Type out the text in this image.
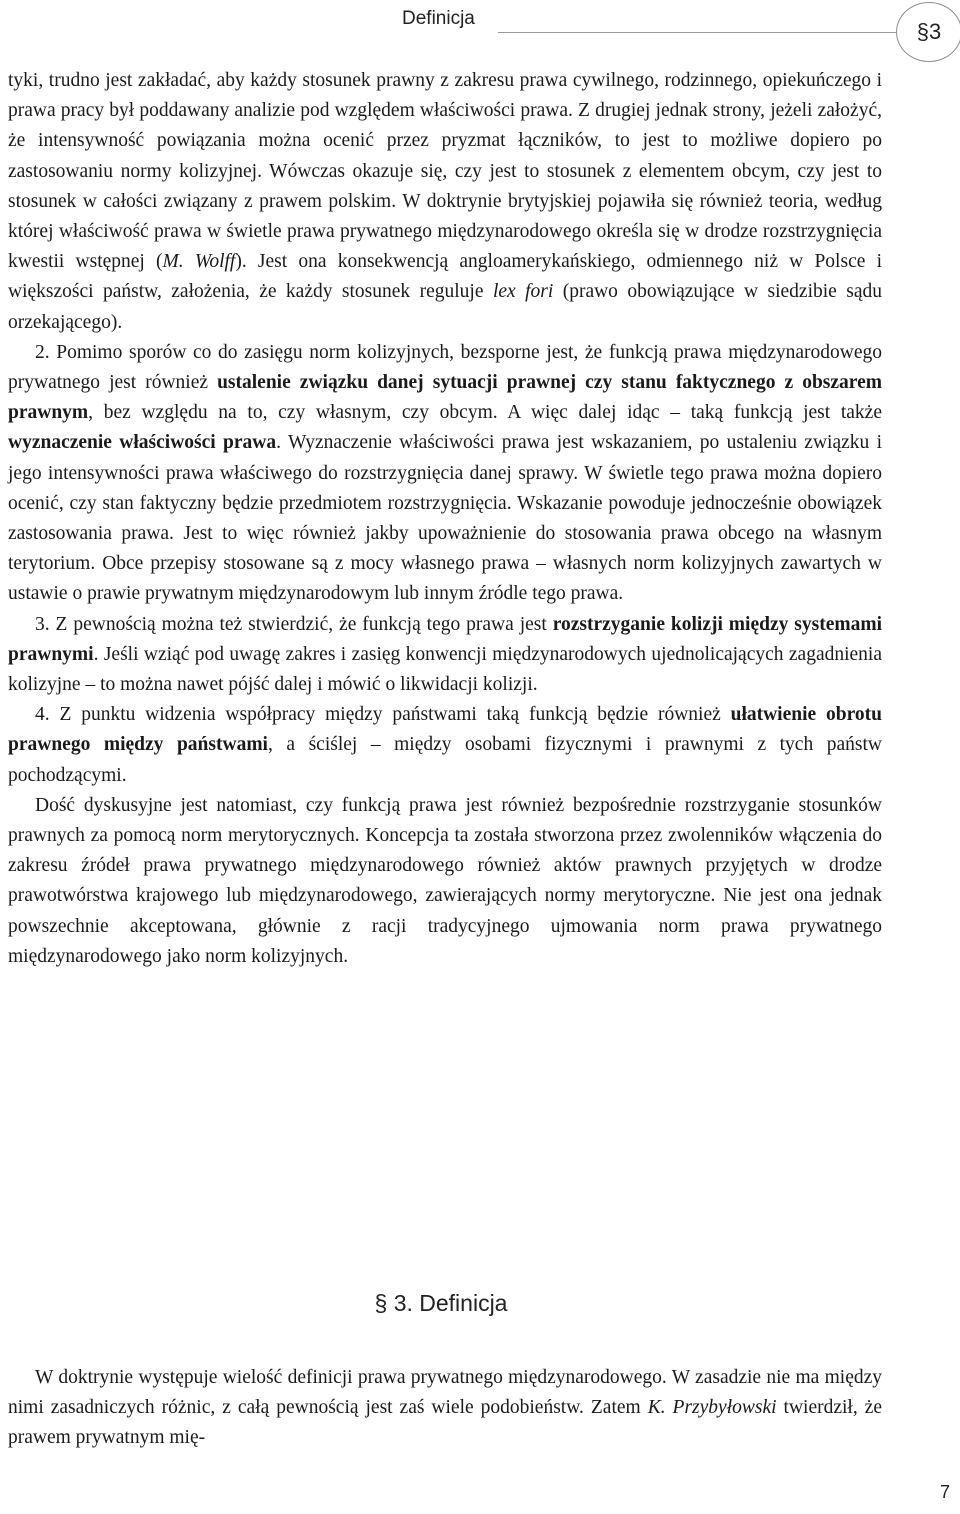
Definicja
§3

tyki, trudno jest zakładać, aby każdy stosunek prawny z zakresu prawa cywilnego, rodzinnego, opiekuńczego i prawa pracy był poddawany analizie pod względem właściwości prawa. Z drugiej jednak strony, jeżeli założyć, że intensywność powiązania można ocenić przez pryzmat łączników, to jest to możliwe dopiero po zastosowaniu normy kolizyjnej. Wówczas okazuje się, czy jest to stosunek z elementem obcym, czy jest to stosunek w całości związany z prawem polskim. W doktrynie brytyjskiej pojawiła się również teoria, według której właściwość prawa w świetle prawa prywatnego międzynarodowego określa się w drodze rozstrzygnięcia kwestii wstępnej (M. Wolff). Jest ona konsekwencją angloamerykańskiego, odmiennego niż w Polsce i większości państw, założenia, że każdy stosunek reguluje lex fori (prawo obowiązujące w siedzibie sądu orzekającego).

2. Pomimo sporów co do zasięgu norm kolizyjnych, bezsporne jest, że funkcją prawa międzynarodowego prywatnego jest również ustalenie związku danej sytuacji prawnej czy stanu faktycznego z obszarem prawnym, bez względu na to, czy własnym, czy obcym. A więc dalej idąc – taką funkcją jest także wyznaczenie właściwości prawa. Wyznaczenie właściwości prawa jest wskazaniem, po ustaleniu związku i jego intensywności prawa właściwego do rozstrzygnięcia danej sprawy. W świetle tego prawa można dopiero ocenić, czy stan faktyczny będzie przedmiotem rozstrzygnięcia. Wskazanie powoduje jednocześnie obowiązek zastosowania prawa. Jest to więc również jakby upoważnienie do stosowania prawa obcego na własnym terytorium. Obce przepisy stosowane są z mocy własnego prawa – własnych norm kolizyjnych zawartych w ustawie o prawie prywatnym międzynarodowym lub innym źródle tego prawa.

3. Z pewnością można też stwierdzić, że funkcją tego prawa jest rozstrzyganie kolizji między systemami prawnymi. Jeśli wziąć pod uwagę zakres i zasięg konwencji międzynarodowych ujednolicających zagadnienia kolizyjne – to można nawet pójść dalej i mówić o likwidacji kolizji.

4. Z punktu widzenia współpracy między państwami taką funkcją będzie również ułatwienie obrotu prawnego między państwami, a ściślej – między osobami fizycznymi i prawnymi z tych państw pochodzącymi.

Dość dyskusyjne jest natomiast, czy funkcją prawa jest również bezpośrednie rozstrzyganie stosunków prawnych za pomocą norm merytorycznych. Koncepcja ta została stworzona przez zwolenników włączenia do zakresu źródeł prawa prywatnego międzynarodowego również aktów prawnych przyjętych w drodze prawotwórstwa krajowego lub międzynarodowego, zawierających normy merytoryczne. Nie jest ona jednak powszechnie akceptowana, głównie z racji tradycyjnego ujmowania norm prawa prywatnego międzynarodowego jako norm kolizyjnych.

§ 3. Definicja

W doktrynie występuje wielość definicji prawa prywatnego międzynarodowego. W zasadzie nie ma między nimi zasadniczych różnic, z całą pewnością jest zaś wiele podobieństw. Zatem K. Przybyłowski twierdził, że prawem prywatnym mię-

7
